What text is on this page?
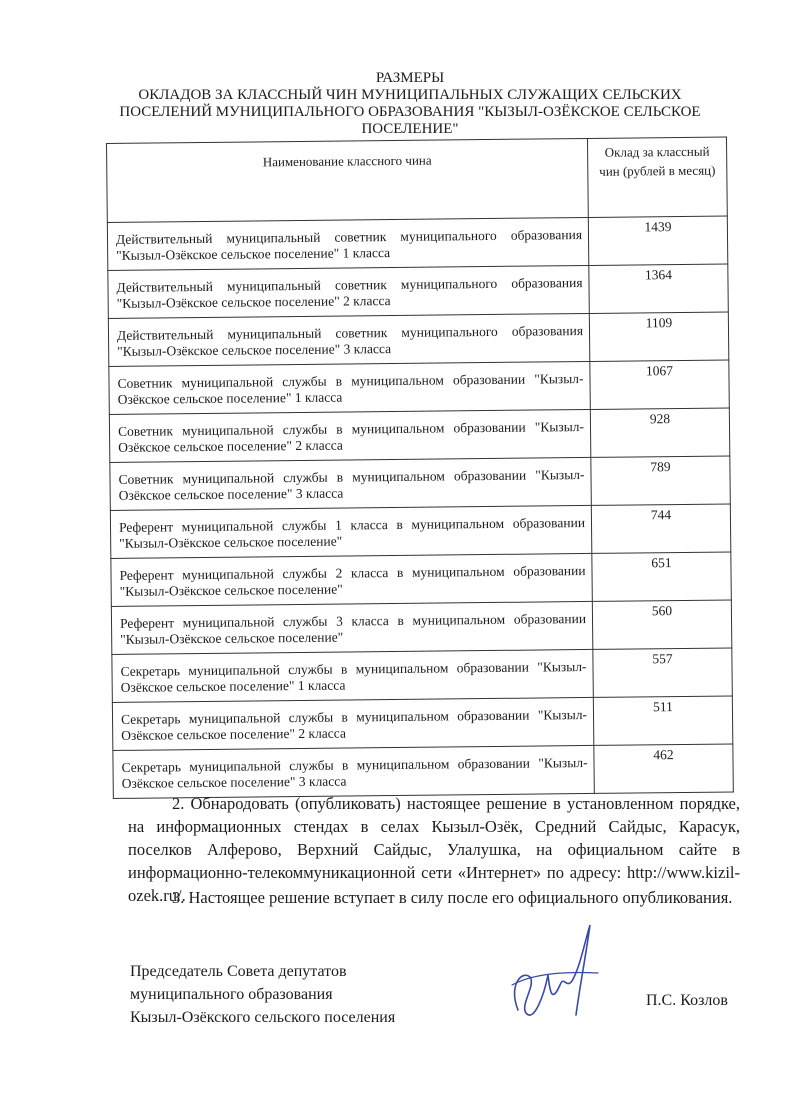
РАЗМЕРЫ
ОКЛАДОВ ЗА КЛАССНЫЙ ЧИН МУНИЦИПАЛЬНЫХ СЛУЖАЩИХ СЕЛЬСКИХ ПОСЕЛЕНИЙ МУНИЦИПАЛЬНОГО ОБРАЗОВАНИЯ "КЫЗЫЛ-ОЗЁКСКОЕ СЕЛЬСКОЕ ПОСЕЛЕНИЕ"
Наименование классного чина	Оклад за классный чин (рублей в месяц)
Действительный муниципальный советник муниципального образования "Кызыл-Озёкское сельское поселение" 1 класса	1439
Действительный муниципальный советник муниципального образования "Кызыл-Озёкское сельское поселение" 2 класса	1364
Действительный муниципальный советник муниципального образования "Кызыл-Озёкское сельское поселение" 3 класса	1109
Советник муниципальной службы в муниципальном образовании "Кызыл-Озёкское сельское поселение" 1 класса	1067
Советник муниципальной службы в муниципальном образовании "Кызыл-Озёкское сельское поселение" 2 класса	928
Советник муниципальной службы в муниципальном образовании "Кызыл-Озёкское сельское поселение" 3 класса	789
Референт муниципальной службы 1 класса в муниципальном образовании "Кызыл-Озёкское сельское поселение"	744
Референт муниципальной службы 2 класса в муниципальном образовании "Кызыл-Озёкское сельское поселение"	651
Референт муниципальной службы 3 класса в муниципальном образовании "Кызыл-Озёкское сельское поселение"	560
Секретарь муниципальной службы в муниципальном образовании "Кызыл-Озёкское сельское поселение" 1 класса	557
Секретарь муниципальной службы в муниципальном образовании "Кызыл-Озёкское сельское поселение" 2 класса	511
Секретарь муниципальной службы в муниципальном образовании "Кызыл-Озёкское сельское поселение" 3 класса	462
2. Обнародовать (опубликовать) настоящее решение в установленном порядке, на информационных стендах в селах Кызыл-Озёк, Средний Сайдыс, Карасук, поселков Алферово, Верхний Сайдыс, Улалушка, на официальном сайте в информационно-телекоммуникационной сети «Интернет» по адресу: http://www.kizil-ozek.ru/.
3. Настоящее решение вступает в силу после его официального опубликования.
Председатель Совета депутатов
муниципального образования
Кызыл-Озёкского сельского поселения
П.С. Козлов
